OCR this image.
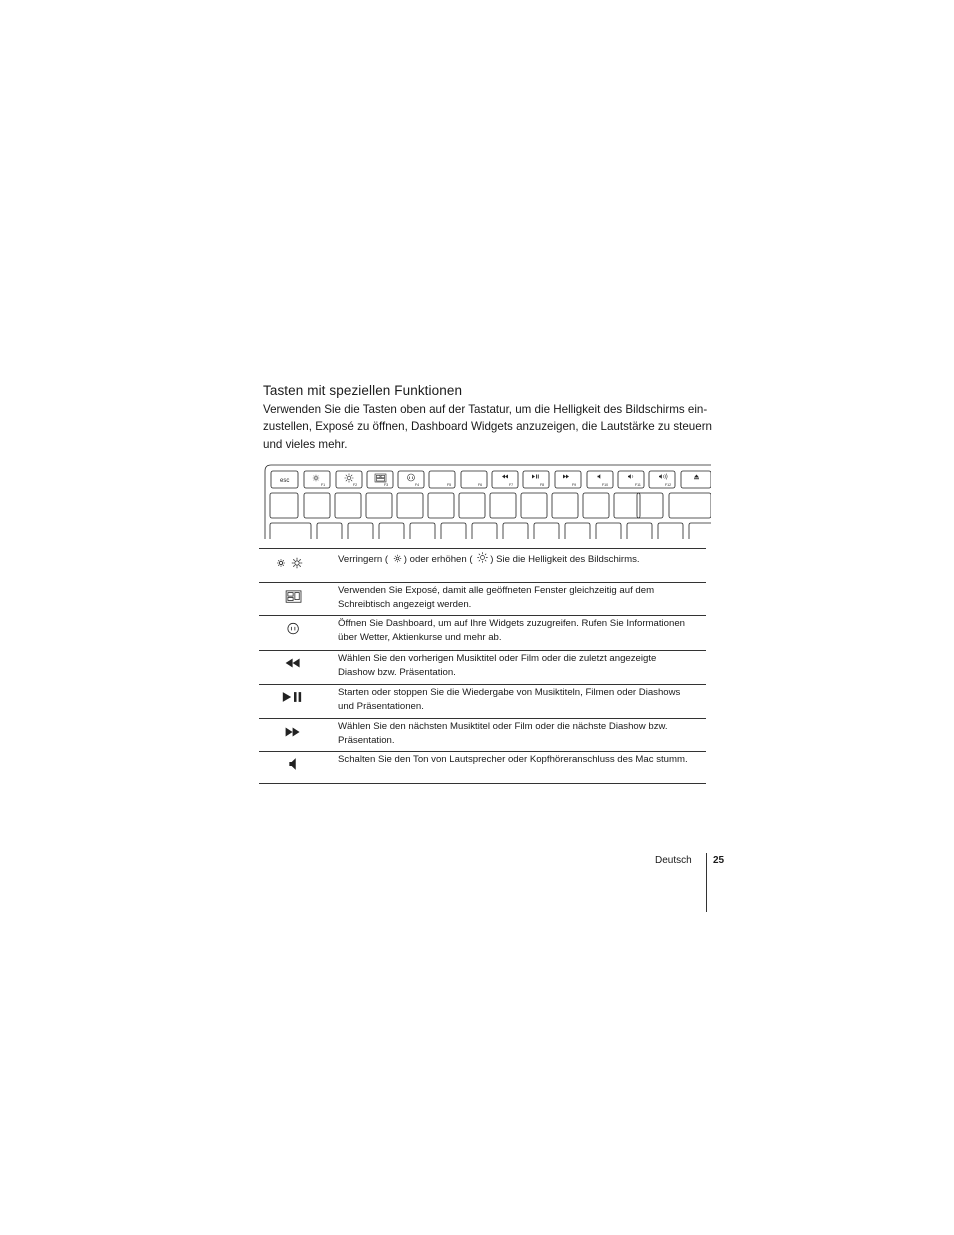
Tasten mit speziellen Funktionen
Verwenden Sie die Tasten oben auf der Tastatur, um die Helligkeit des Bildschirms ein-
zustellen, Exposé zu öffnen, Dashboard Widgets anzuzeigen, die Lautstärke zu steuern
und vieles mehr.
esc
F1	F2	F3	F4	F5	F6	F7	F8	F9	F10	F11	F12
Verringern ( ) oder erhöhen ( ) Sie die Helligkeit des Bildschirms.
Verwenden Sie Exposé, damit alle geöffneten Fenster gleichzeitig auf dem
Schreibtisch angezeigt werden.
Öffnen Sie Dashboard, um auf Ihre Widgets zuzugreifen. Rufen Sie Informationen
über Wetter, Aktienkurse und mehr ab.
Wählen Sie den vorherigen Musiktitel oder Film oder die zuletzt angezeigte
Diashow bzw. Präsentation.
Starten oder stoppen Sie die Wiedergabe von Musiktiteln, Filmen oder Diashows
und Präsentationen.
Wählen Sie den nächsten Musiktitel oder Film oder die nächste Diashow bzw.
Präsentation.
Schalten Sie den Ton von Lautsprecher oder Kopfhöreranschluss des Mac stumm.
Deutsch 25
